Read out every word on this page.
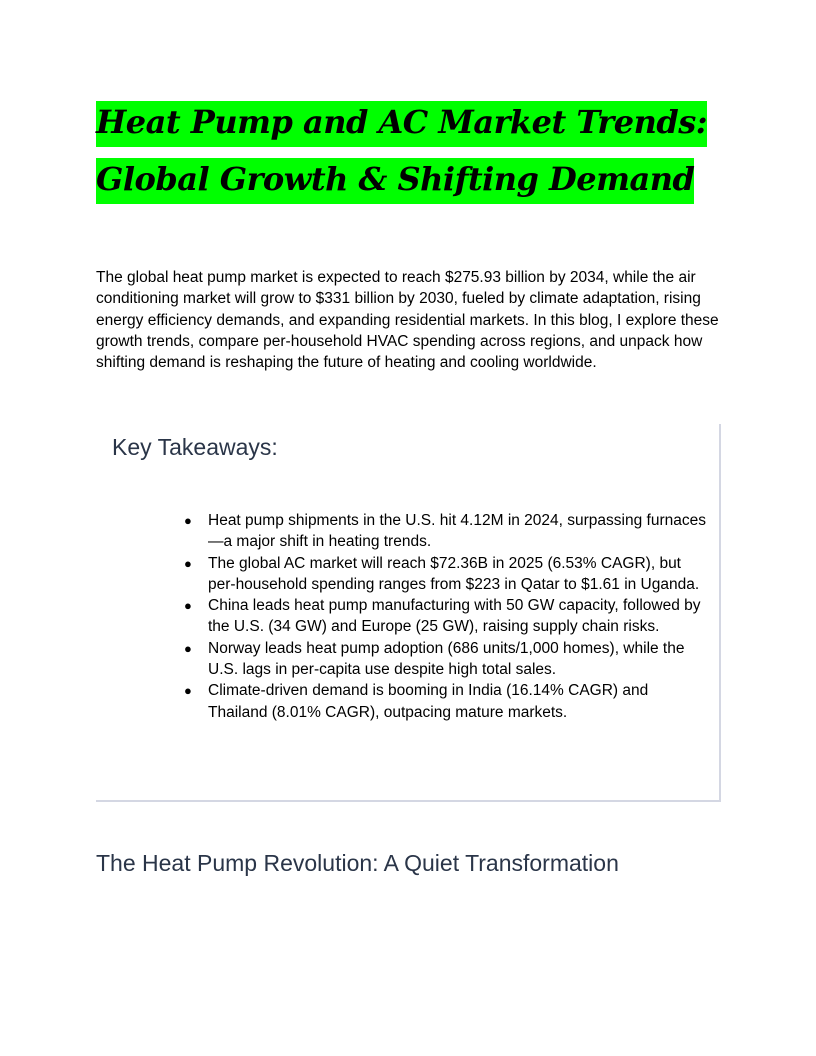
Heat Pump and AC Market Trends:
Global Growth & Shifting Demand

The global heat pump market is expected to reach $275.93 billion by 2034, while the air conditioning market will grow to $331 billion by 2030, fueled by climate adaptation, rising energy efficiency demands, and expanding residential markets. In this blog, I explore these growth trends, compare per-household HVAC spending across regions, and unpack how shifting demand is reshaping the future of heating and cooling worldwide.

Key Takeaways:
● Heat pump shipments in the U.S. hit 4.12M in 2024, surpassing furnaces—a major shift in heating trends.
● The global AC market will reach $72.36B in 2025 (6.53% CAGR), but per-household spending ranges from $223 in Qatar to $1.61 in Uganda.
● China leads heat pump manufacturing with 50 GW capacity, followed by the U.S. (34 GW) and Europe (25 GW), raising supply chain risks.
● Norway leads heat pump adoption (686 units/1,000 homes), while the U.S. lags in per-capita use despite high total sales.
● Climate-driven demand is booming in India (16.14% CAGR) and Thailand (8.01% CAGR), outpacing mature markets.
The Heat Pump Revolution: A Quiet Transformation
